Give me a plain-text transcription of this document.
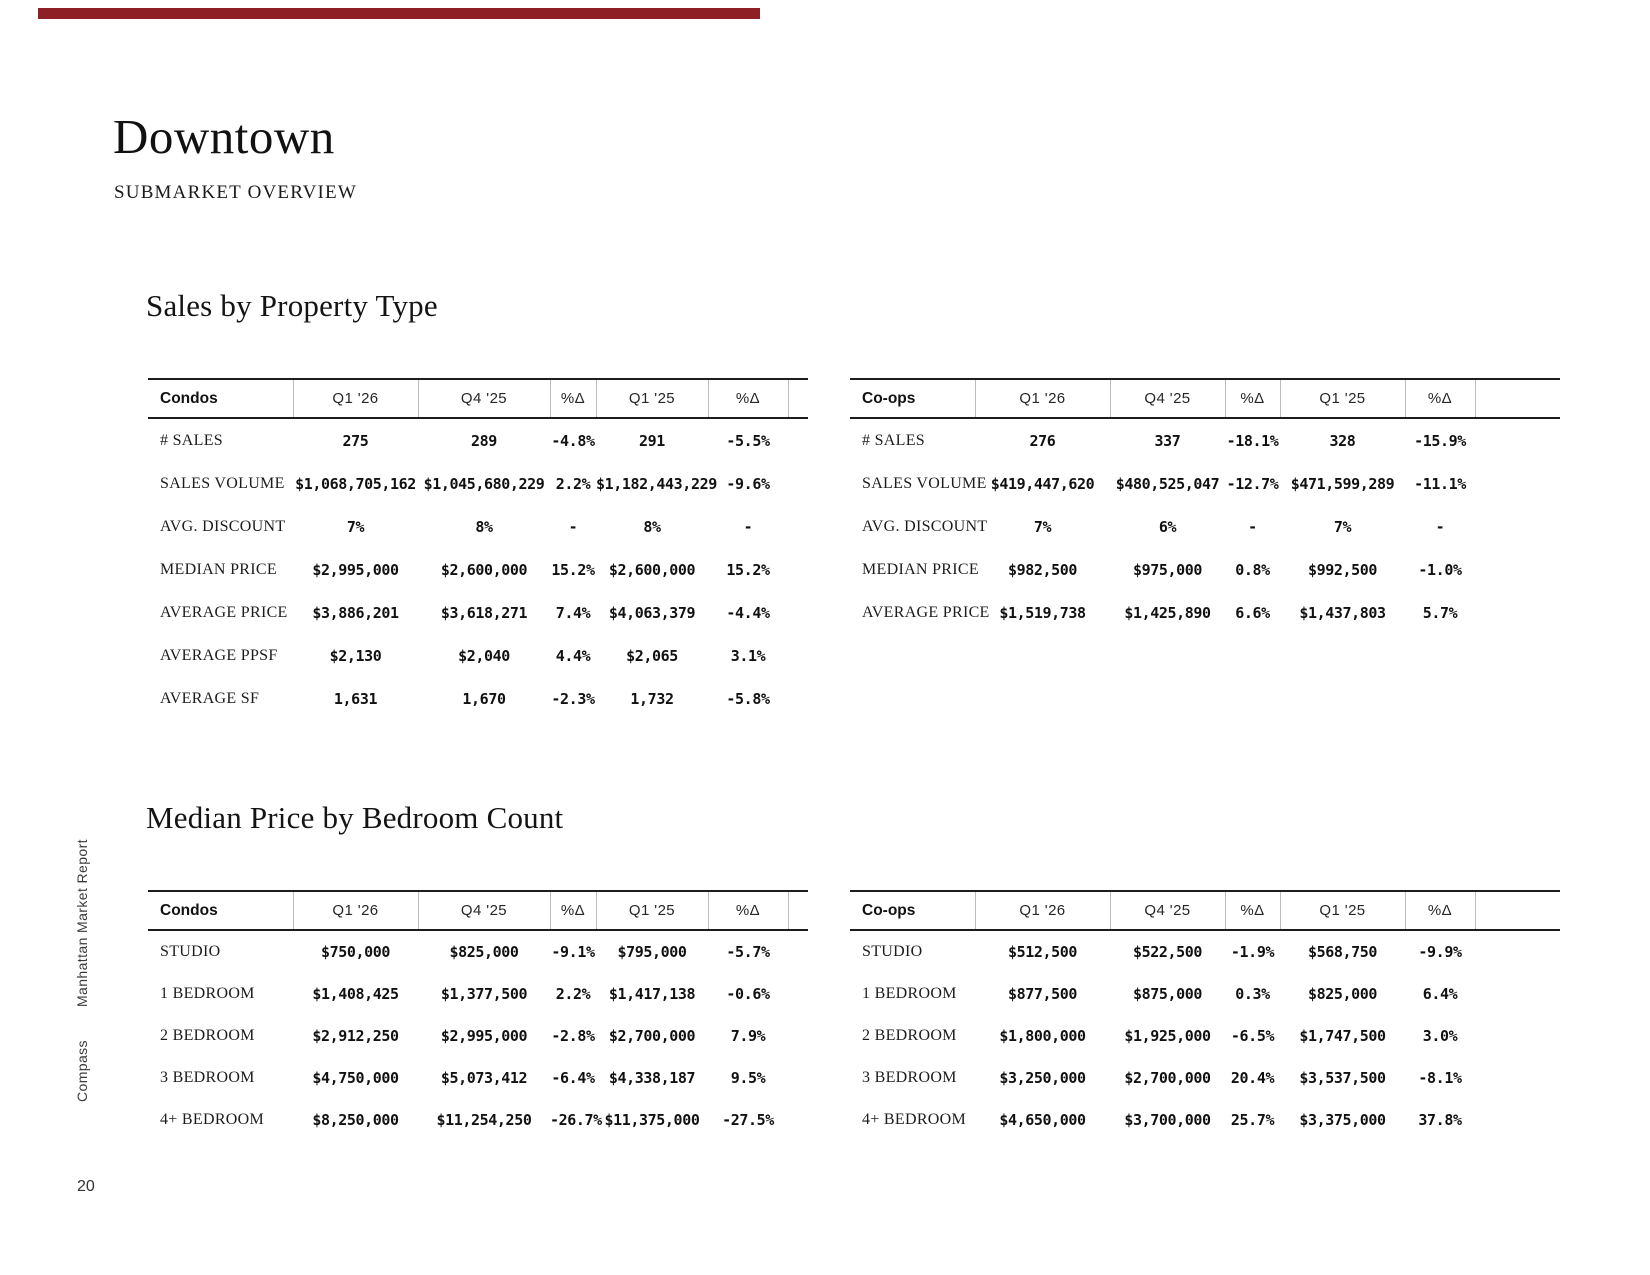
Downtown
SUBMARKET OVERVIEW
Sales by Property Type
Condos	Q1 '26	Q4 '25	%Δ	Q1 '25	%Δ	
# SALES	275	289	-4.8%	291	-5.5%	
SALES VOLUME	$1,068,705,162	$1,045,680,229	2.2%	$1,182,443,229	-9.6%	
AVG. DISCOUNT	7%	8%	-	8%	-	
MEDIAN PRICE	$2,995,000	$2,600,000	15.2%	$2,600,000	15.2%	
AVERAGE PRICE	$3,886,201	$3,618,271	7.4%	$4,063,379	-4.4%	
AVERAGE PPSF	$2,130	$2,040	4.4%	$2,065	3.1%	
AVERAGE SF	1,631	1,670	-2.3%	1,732	-5.8%	
Co-ops	Q1 '26	Q4 '25	%Δ	Q1 '25	%Δ	
# SALES	276	337	-18.1%	328	-15.9%	
SALES VOLUME	$419,447,620	$480,525,047	-12.7%	$471,599,289	-11.1%	
AVG. DISCOUNT	7%	6%	-	7%	-	
MEDIAN PRICE	$982,500	$975,000	0.8%	$992,500	-1.0%	
AVERAGE PRICE	$1,519,738	$1,425,890	6.6%	$1,437,803	5.7%	
Median Price by Bedroom Count
Condos	Q1 '26	Q4 '25	%Δ	Q1 '25	%Δ	
STUDIO	$750,000	$825,000	-9.1%	$795,000	-5.7%	
1 BEDROOM	$1,408,425	$1,377,500	2.2%	$1,417,138	-0.6%	
2 BEDROOM	$2,912,250	$2,995,000	-2.8%	$2,700,000	7.9%	
3 BEDROOM	$4,750,000	$5,073,412	-6.4%	$4,338,187	9.5%	
4+ BEDROOM	$8,250,000	$11,254,250	-26.7%	$11,375,000	-27.5%	
Co-ops	Q1 '26	Q4 '25	%Δ	Q1 '25	%Δ	
STUDIO	$512,500	$522,500	-1.9%	$568,750	-9.9%	
1 BEDROOM	$877,500	$875,000	0.3%	$825,000	6.4%	
2 BEDROOM	$1,800,000	$1,925,000	-6.5%	$1,747,500	3.0%	
3 BEDROOM	$3,250,000	$2,700,000	20.4%	$3,537,500	-8.1%	
4+ BEDROOM	$4,650,000	$3,700,000	25.7%	$3,375,000	37.8%	
Manhattan Market Report
Compass
20
